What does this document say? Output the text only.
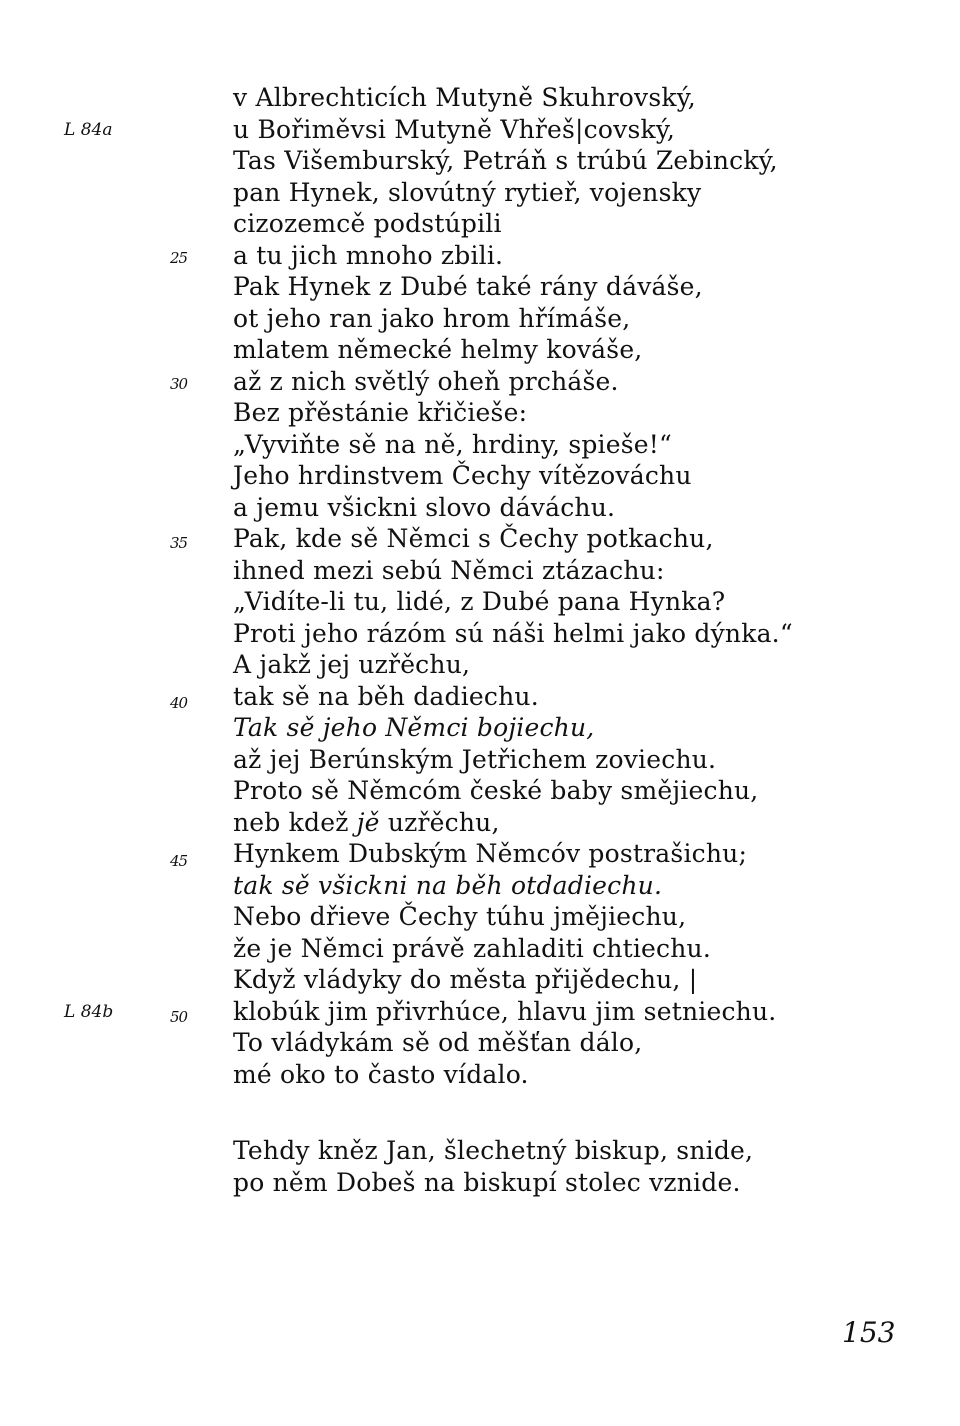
v Albrechticích Mutyně Skuhrovský,
u Bořiměvsi Mutyně Vhřeš|covský,
Tas Višemburský, Petráň s trúbú Zebincký,
pan Hynek, slovútný rytieř, vojensky
cizozemcě podstúpili
a tu jich mnoho zbili.
Pak Hynek z Dubé také rány dáváše,
ot jeho ran jako hrom hřímáše,
mlatem německé helmy kováše,
až z nich světlý oheň prcháše.
Bez přěstánie křičieše:
„Vyviňte sě na ně, hrdiny, spieše!“
Jeho hrdinstvem Čechy vítězováchu
a jemu všickni slovo dáváchu.
Pak, kde sě Němci s Čechy potkachu,
ihned mezi sebú Němci ztázachu:
„Vidíte-li tu, lidé, z Dubé pana Hynka?
Proti jeho rázóm sú náši helmi jako dýnka.“
A jakž jej uzřěchu,
tak sě na běh dadiechu.
Tak sě jeho Němci bojiechu,
až jej Berúnským Jetřichem zoviechu.
Proto sě Němcóm české baby smějiechu,
neb kdež jě uzřěchu,
Hynkem Dubským Němcóv postrašichu;
tak sě všickni na běh otdadiechu.
Nebo dřieve Čechy túhu jmějiechu,
že je Němci právě zahladiti chtiechu.
Když vládyky do města přijědechu, |
klobúk jim přivrhúce, hlavu jim setniechu.
To vládykám sě od měšťan dálo,
mé oko to často vídalo.
Tehdy kněz Jan, šlechetný biskup, snide,
po něm Dobeš na biskupí stolec vznide.
L 84a
L 84b
25
30
35
40
45
50
153
